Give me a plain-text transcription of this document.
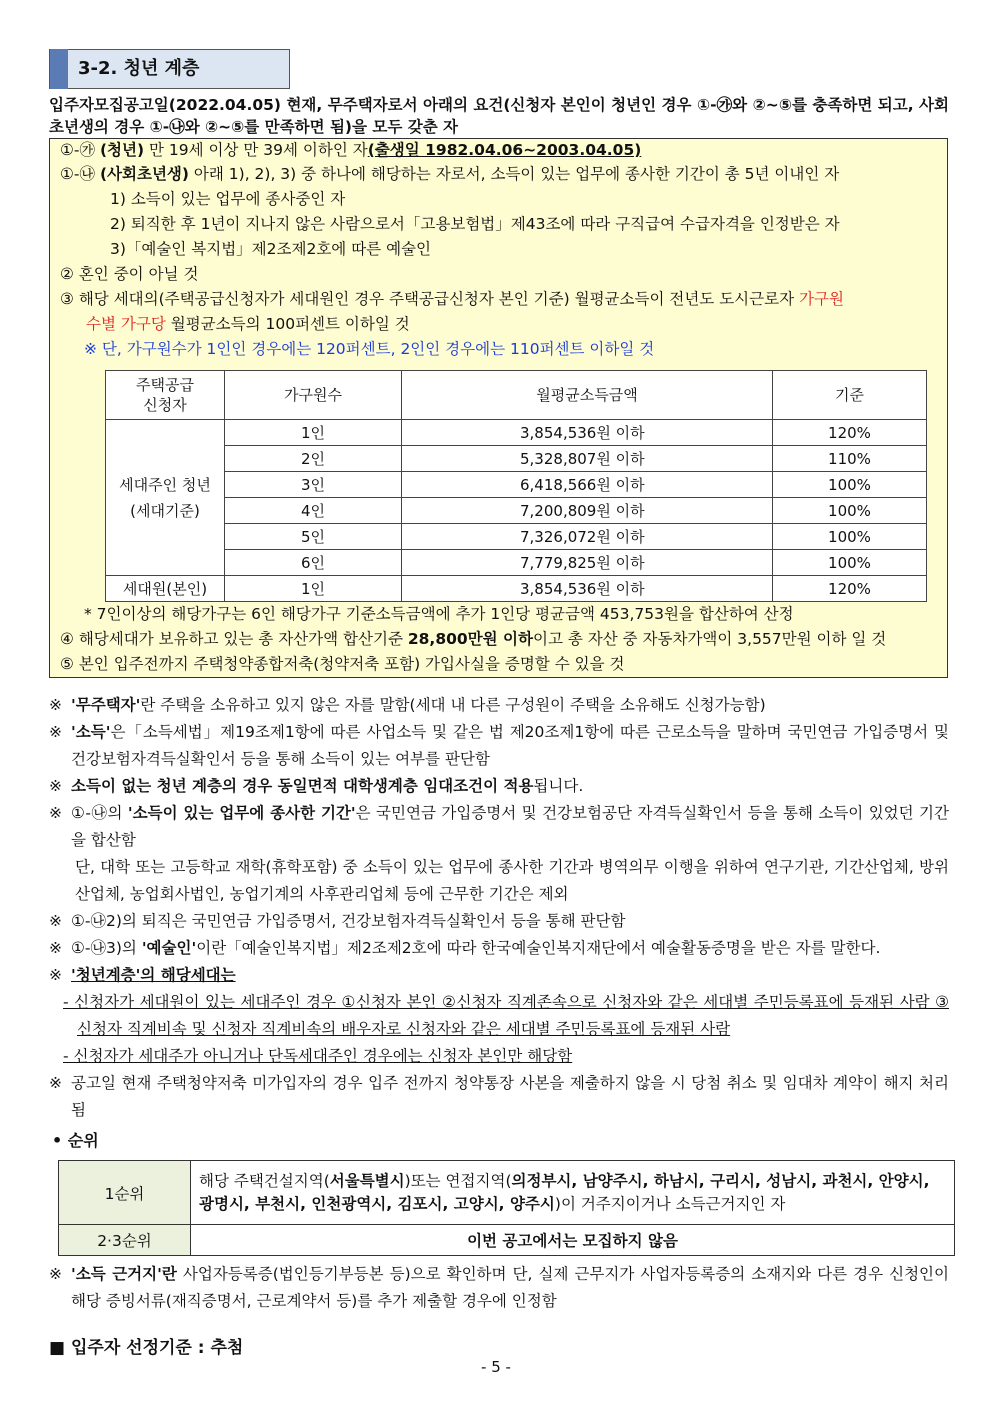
3-2. 청년 계층
입주자모집공고일(2022.04.05) 현재, 무주택자로서 아래의 요건(신청자 본인이 청년인 경우 ①-㉮와 ②~⑤를 충족하면 되고, 사회초년생의 경우 ①-㉯와 ②~⑤를 만족하면 됨)을 모두 갖춘 자
①-㉮ (청년) 만 19세 이상 만 39세 이하인 자(출생일 1982.04.06~2003.04.05)
①-㉯ (사회초년생) 아래 1), 2), 3) 중 하나에 해당하는 자로서, 소득이 있는 업무에 종사한 기간이 총 5년 이내인 자
1) 소득이 있는 업무에 종사중인 자
2) 퇴직한 후 1년이 지나지 않은 사람으로서「고용보험법」제43조에 따라 구직급여 수급자격을 인정받은 자
3)「예술인 복지법」제2조제2호에 따른 예술인
② 혼인 중이 아닐 것
③ 해당 세대의(주택공급신청자가 세대원인 경우 주택공급신청자 본인 기준) 월평균소득이 전년도 도시근로자 가구원
수별 가구당 월평균소득의 100퍼센트 이하일 것
※ 단, 가구원수가 1인인 경우에는 120퍼센트, 2인인 경우에는 110퍼센트 이하일 것
주택공급
신청자	가구원수	월평균소득금액	기준
세대주인 청년
(세대기준)	1인	3,854,536원 이하	120%
	2인	5,328,807원 이하	110%
	3인	6,418,566원 이하	100%
	4인	7,200,809원 이하	100%
	5인	7,326,072원 이하	100%
	6인	7,779,825원 이하	100%
세대원(본인)	1인	3,854,536원 이하	120%
* 7인이상의 해당가구는 6인 해당가구 기준소득금액에 추가 1인당 평균금액 453,753원을 합산하여 산정
④ 해당세대가 보유하고 있는 총 자산가액 합산기준 28,800만원 이하이고 총 자산 중 자동차가액이 3,557만원 이하 일 것
⑤ 본인 입주전까지 주택청약종합저축(청약저축 포함) 가입사실을 증명할 수 있을 것
※ '무주택자'란 주택을 소유하고 있지 않은 자를 말함(세대 내 다른 구성원이 주택을 소유해도 신청가능함)
※ '소득'은「소득세법」제19조제1항에 따른 사업소득 및 같은 법 제20조제1항에 따른 근로소득을 말하며 국민연금 가입증명서 및 건강보험자격득실확인서 등을 통해 소득이 있는 여부를 판단함
※ 소득이 없는 청년 계층의 경우 동일면적 대학생계층 임대조건이 적용됩니다.
※ ①-㉯의 '소득이 있는 업무에 종사한 기간'은 국민연금 가입증명서 및 건강보험공단 자격득실확인서 등을 통해 소득이 있었던 기간을 합산함
단, 대학 또는 고등학교 재학(휴학포함) 중 소득이 있는 업무에 종사한 기간과 병역의무 이행을 위하여 연구기관, 기간산업체, 방위산업체, 농업회사법인, 농업기계의 사후관리업체 등에 근무한 기간은 제외
※ ①-㉯2)의 퇴직은 국민연금 가입증명서, 건강보험자격득실확인서 등을 통해 판단함
※ ①-㉯3)의 '예술인'이란「예술인복지법」제2조제2호에 따라 한국예술인복지재단에서 예술활동증명을 받은 자를 말한다.
※ '청년계층'의 해당세대는
- 신청자가 세대원이 있는 세대주인 경우 ①신청자 본인 ②신청자 직계존속으로 신청자와 같은 세대별 주민등록표에 등재된 사람 ③신청자 직계비속 및 신청자 직계비속의 배우자로 신청자와 같은 세대별 주민등록표에 등재된 사람
- 신청자가 세대주가 아니거나 단독세대주인 경우에는 신청자 본인만 해당함
※ 공고일 현재 주택청약저축 미가입자의 경우 입주 전까지 청약통장 사본을 제출하지 않을 시 당첨 취소 및 임대차 계약이 해지 처리됨
• 순위
1순위	해당 주택건설지역(서울특별시)또는 연접지역(의정부시, 남양주시, 하남시, 구리시, 성남시, 과천시, 안양시, 광명시, 부천시, 인천광역시, 김포시, 고양시, 양주시)이 거주지이거나 소득근거지인 자
2·3순위	이번 공고에서는 모집하지 않음
※ '소득 근거지'란 사업자등록증(법인등기부등본 등)으로 확인하며 단, 실제 근무지가 사업자등록증의 소재지와 다른 경우 신청인이 해당 증빙서류(재직증명서, 근로계약서 등)를 추가 제출할 경우에 인정함
■ 입주자 선정기준 : 추첨
- 5 -
